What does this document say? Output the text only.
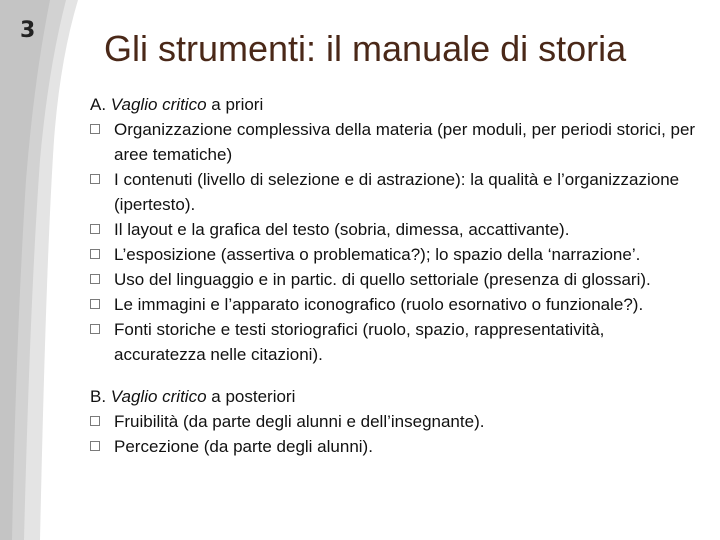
3	Gli strumenti: il manuale di storia

A. Vaglio critico a priori

Organizzazione complessiva della materia (per moduli, per periodi storici, per aree tematiche)
I contenuti (livello di selezione e di astrazione): la qualità e l’organizzazione (ipertesto).
Il layout e la grafica del testo (sobria, dimessa, accattivante).
L’esposizione (assertiva o problematica?); lo spazio della ‘narrazione’.
Uso del linguaggio e in partic. di quello settoriale (presenza di glossari).
Le immagini e l’apparato iconografico (ruolo esornativo o funzionale?).
Fonti storiche e testi storiografici (ruolo, spazio, rappresentatività, accuratezza nelle citazioni).

B. Vaglio critico a posteriori

Fruibilità (da parte degli alunni e dell’insegnante).
Percezione (da parte degli alunni).
